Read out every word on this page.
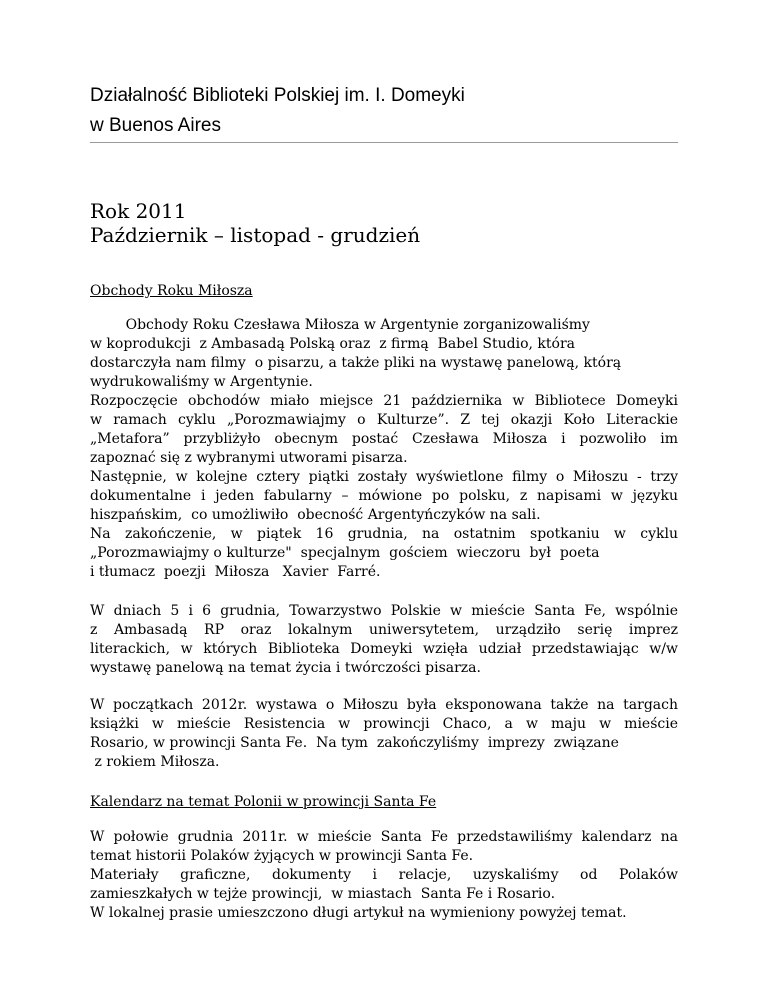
Działalność Biblioteki Polskiej im. I. Domeyki
w Buenos Aires
Rok 2011
Październik – listopad - grudzień
Obchody Roku Miłosza

Obchody Roku Czesława Miłosza w Argentynie zorganizowaliśmy

w koprodukcji  z Ambasadą Polską oraz  z firmą  Babel Studio, która

dostarczyła nam filmy  o pisarzu, a także pliki na wystawę panelową, którą

wydrukowaliśmy w Argentynie.

Rozpoczęcie obchodów miało miejsce 21 października w Bibliotece Domeyki

w ramach cyklu „Porozmawiajmy o Kulturze”. Z tej okazji Koło Literackie

„Metafora” przybliżyło obecnym postać Czesława Miłosza i pozwoliło im

zapoznać się z wybranymi utworami pisarza.

Następnie, w kolejne cztery piątki zostały wyświetlone filmy o Miłoszu - trzy

dokumentalne i jeden fabularny – mówione po polsku, z napisami w języku

hiszpańskim,  co umożliwiło  obecność Argentyńczyków na sali.

Na zakończenie, w piątek 16 grudnia, na ostatnim spotkaniu w cyklu

„Porozmawiajmy o kulturze"  specjalnym  gościem  wieczoru  był  poeta

i tłumacz  poezji  Miłosza   Xavier  Farré.

W dniach 5 i 6 grudnia, Towarzystwo Polskie w mieście Santa Fe, wspólnie

z Ambasadą RP oraz lokalnym uniwersytetem, urządziło serię imprez

literackich, w których Biblioteka Domeyki wzięła udział przedstawiając w/w

wystawę panelową na temat życia i twórczości pisarza.

W początkach 2012r. wystawa o Miłoszu była eksponowana także na targach

książki w mieście Resistencia w prowincji Chaco, a w maju w mieście

Rosario, w prowincji Santa Fe.  Na tym  zakończyliśmy  imprezy  związane

z rokiem Miłosza.

Kalendarz na temat Polonii w prowincji Santa Fe

W połowie grudnia 2011r. w mieście Santa Fe przedstawiliśmy kalendarz na

temat historii Polaków żyjących w prowincji Santa Fe.

Materiały graficzne, dokumenty i relacje, uzyskaliśmy od Polaków

zamieszkałych w tejże prowincji,  w miastach  Santa Fe i Rosario.

W lokalnej prasie umieszczono długi artykuł na wymieniony powyżej temat.
